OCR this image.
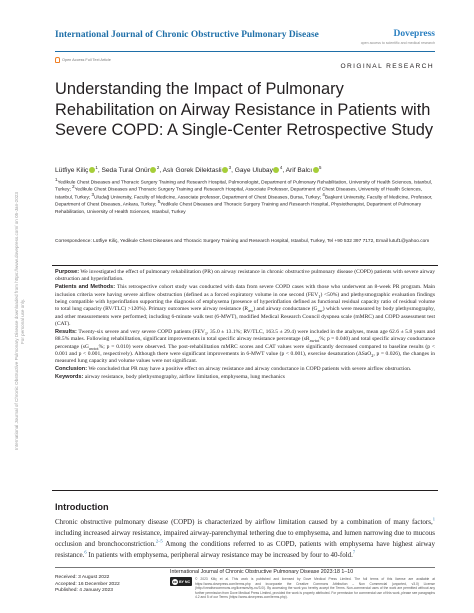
International Journal of Chronic Obstructive Pulmonary Disease	Dovepress
open access to scientific and medical research
Open Access Full Text Article
ORIGINAL RESEARCH
International Journal of Chronic Obstructive Pulmonary Disease downloaded from https://www.dovepress.com/ on 05-Jan-2023 For personal use only.
Understanding the Impact of Pulmonary Rehabilitation on Airway Resistance in Patients with Severe COPD: A Single-Center Retrospective Study
Lütfiye Kiliç $^1$, Seda Tural Onür $^2$, Aslı Gorek Dilektasli $^3$, Gaye Ulubay $^4$, Arif Balcı $^5$
$^1$Yedikule Chest Diseases and Thoracic Surgery Training and Research Hospital, Pulmonologist, Department of Pulmonary Rehabilitation, University of Health Sciences, Istanbul, Turkey; $^2$Yedikule Chest Diseases and Thoracic Surgery Training and Research Hospital, Associate Professor, Department of Chest Diseases, University of Health Sciences, Istanbul, Turkey; $^3$Uludağ University, Faculty of Medicine, Associate professor, Department of Chest Diseases, Bursa, Turkey; $^4$Başkent University, Faculty of Medicine, Professor, Department of Chest Diseases, Ankara, Turkey; $^5$Yedikule Chest Diseases and Thoracic Surgery Training and Research Hospital, Physiotherapist, Department of Pulmonary Rehabilitation, University of Health Sciences, Istanbul, Turkey
Correspondence: Lütfiye Kiliç, Yedikule Chest Diseases and Thoracic Surgery Training and Research Hospital, Istanbul, Turkey, Tel +90 532 397 7172, Email lutuf1@yahoo.com

Purpose: We investigated the effect of pulmonary rehabilitation (PR) on airway resistance in chronic obstructive pulmonary disease (COPD) patients with severe airway obstruction and hyperinflation.

Patients and Methods: This retrospective cohort study was conducted with data from severe COPD cases with those who underwent an 8-week PR program. Main inclusion criteria were having severe airflow obstruction (defined as a forced expiratory volume in one second $(FEV_1) <50\%$) and plethysmographic evaluation findings being compatible with hyperinflation supporting the diagnosis of emphysema (presence of hyperinflation defined as functional residual capacity ratio of residual volume to total lung capacity (RV/TLC) >120%). Primary outcomes were airway resistance $(R_{aw})$ and airway conductance $(G_{aw})$ which were measured by body plethysmography, and other measurements were performed; including 6-minute walk test (6-MWT), modified Medical Research Council dyspnea scale (mMRC) and COPD assessment test (CAT).

Results: Twenty-six severe and very severe COPD patients ($FEV_1$, 35.0 ± 13.1%; RV/TLC, 163.5 ± 29.4) were included in the analyses, mean age 62.6 ± 5.8 years and 88.5% males. Following rehabilitation, significant improvements in total specific airway resistance percentage ($sR_{awtot}\%$; p = 0.040) and total specific airway conductance percentage ($sG_{awtot}\%$; p = 0.010) were observed. The post-rehabilitation mMRC scores and CAT values were significantly decreased compared to baseline results (p < 0.001 and p < 0.001, respectively). Although there were significant improvements in 6-MWT value (p < 0.001), exercise desaturation (ΔSaO$_2$, p = 0.026), the changes in measured lung capacity and volume values were not significant.

Conclusion: We concluded that PR may have a positive effect on airway resistance and airway conductance in COPD patients with severe airflow obstruction.

Keywords: airway resistance, body plethysmography, airflow limitation, emphysema, lung mechanics

Introduction
Chronic obstructive pulmonary disease (COPD) is characterized by airflow limitation caused by a combination of many factors,$^1$ including increased airway resistance, impaired airway-parenchymal tethering due to emphysema, and lumen narrowing due to mucous occlusion and bronchoconstriction.$^{2-5}$ Among the conditions referred to as COPD, patients with emphysema have highest airway resistance.$^6$ In patients with emphysema, peripheral airway resistance may be increased by four to 40-fold.$^7$
Received: 3 August 2022
Accepted: 16 December 2022
Published: 4 January 2023
International Journal of Chronic Obstructive Pulmonary Disease 2023:18 1–10
cc BY NC
© 2023 Kiliç et al. This work is published and licensed by Dove Medical Press Limited. The full terms of this license are available at https://www.dovepress.com/terms.php and incorporate the Creative Commons Attribution – Non Commercial (unported, v3.0) License (http://creativecommons.org/licenses/by-nc/3.0/). By accessing the work you hereby accept the Terms. Non-commercial uses of the work are permitted without any further permission from Dove Medical Press Limited, provided the work is properly attributed. For permission for commercial use of this work, please see paragraphs 4.2 and 5 of our Terms (https://www.dovepress.com/terms.php).
